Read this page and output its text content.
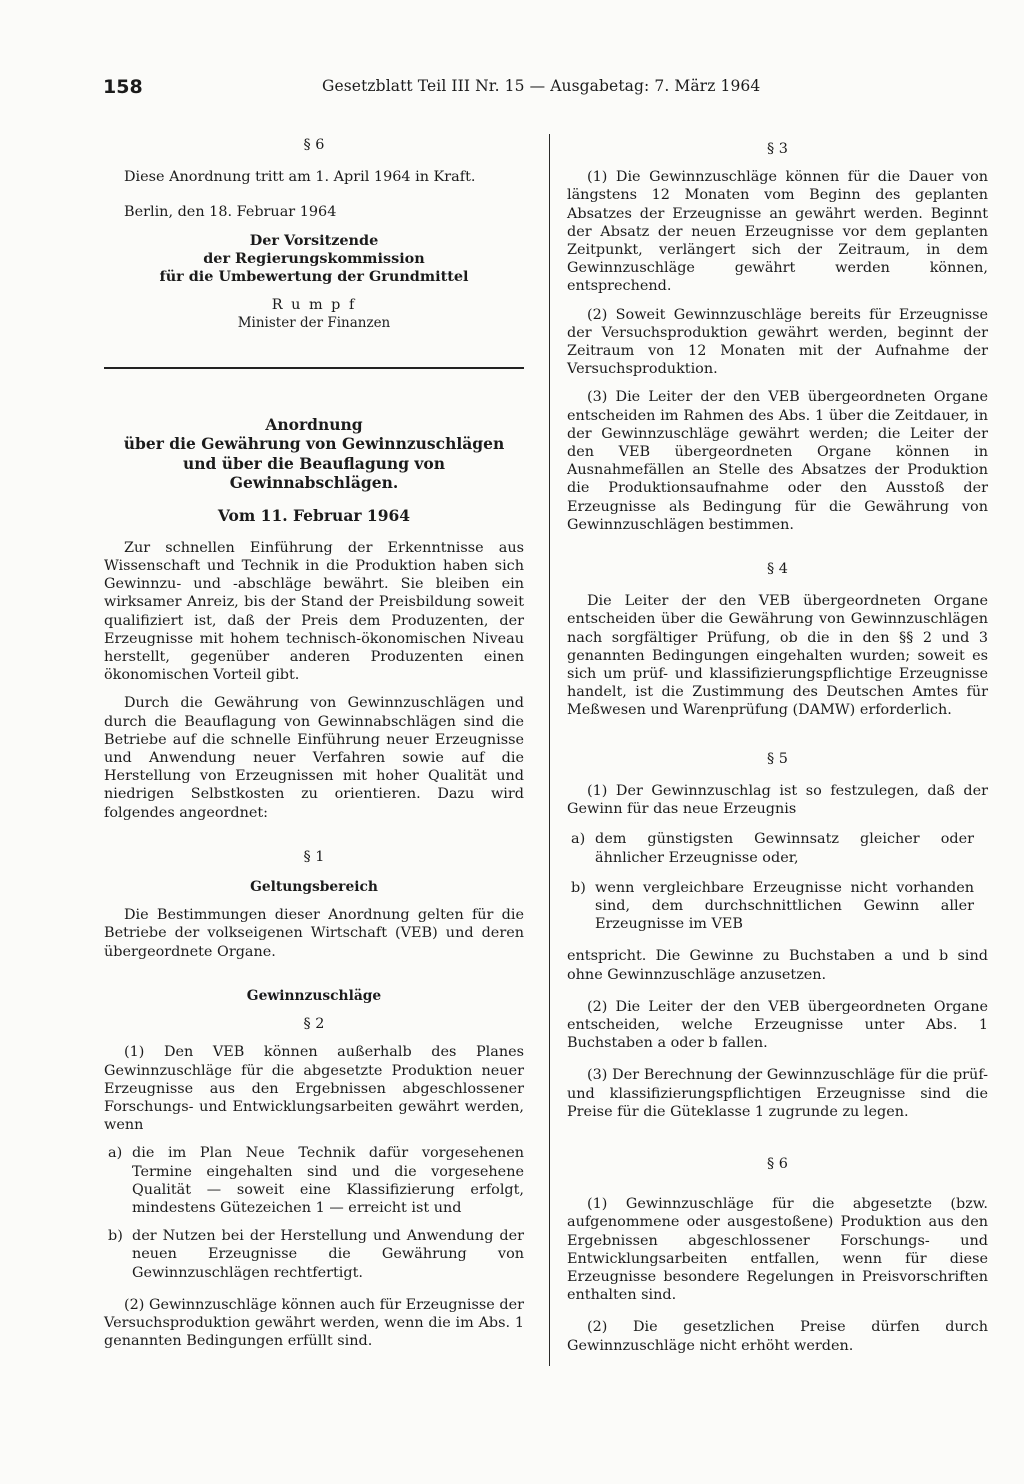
158	Gesetzblatt Teil III Nr. 15 — Ausgabetag: 7. März 1964

§ 6

Diese Anordnung tritt am 1. April 1964 in Kraft.

Berlin, den 18. Februar 1964

Der Vorsitzende

der Regierungskommission

für die Umbewertung der Grundmittel

R u m p f

Minister der Finanzen

Anordnung
über die Gewährung von Gewinnzuschlägen
und über die Beauflagung von Gewinnabschlägen.

Vom 11. Februar 1964

Zur schnellen Einführung der Erkenntnisse aus Wissenschaft und Technik in die Produktion haben sich Gewinnzu- und -abschläge bewährt. Sie bleiben ein wirksamer Anreiz, bis der Stand der Preisbildung soweit qualifiziert ist, daß der Preis dem Produzenten, der Erzeugnisse mit hohem technisch-ökonomischen Niveau herstellt, gegenüber anderen Produzenten einen ökonomischen Vorteil gibt.

Durch die Gewährung von Gewinnzuschlägen und durch die Beauflagung von Gewinnabschlägen sind die Betriebe auf die schnelle Einführung neuer Erzeugnisse und Anwendung neuer Verfahren sowie auf die Herstellung von Erzeugnissen mit hoher Qualität und niedrigen Selbstkosten zu orientieren. Dazu wird folgendes angeordnet:

§ 1

Geltungsbereich

Die Bestimmungen dieser Anordnung gelten für die Betriebe der volkseigenen Wirtschaft (VEB) und deren übergeordnete Organe.

Gewinnzuschläge

§ 2

(1) Den VEB können außerhalb des Planes Gewinnzuschläge für die abgesetzte Produktion neuer Erzeugnisse aus den Ergebnissen abgeschlossener Forschungs- und Entwicklungsarbeiten gewährt werden, wenn

a) die im Plan Neue Technik dafür vorgesehenen Termine eingehalten sind und die vorgesehene Qualität — soweit eine Klassifizierung erfolgt, mindestens Gütezeichen 1 — erreicht ist und
b) der Nutzen bei der Herstellung und Anwendung der neuen Erzeugnisse die Gewährung von Gewinnzuschlägen rechtfertigt.

(2) Gewinnzuschläge können auch für Erzeugnisse der Versuchsproduktion gewährt werden, wenn die im Abs. 1 genannten Bedingungen erfüllt sind.

§ 3

(1) Die Gewinnzuschläge können für die Dauer von längstens 12 Monaten vom Beginn des geplanten Absatzes der Erzeugnisse an gewährt werden. Beginnt der Absatz der neuen Erzeugnisse vor dem geplanten Zeitpunkt, verlängert sich der Zeitraum, in dem Gewinnzuschläge gewährt werden können, entsprechend.

(2) Soweit Gewinnzuschläge bereits für Erzeugnisse der Versuchsproduktion gewährt werden, beginnt der Zeitraum von 12 Monaten mit der Aufnahme der Versuchsproduktion.

(3) Die Leiter der den VEB übergeordneten Organe entscheiden im Rahmen des Abs. 1 über die Zeitdauer, in der Gewinnzuschläge gewährt werden; die Leiter der den VEB übergeordneten Organe können in Ausnahmefällen an Stelle des Absatzes der Produktion die Produktionsaufnahme oder den Ausstoß der Erzeugnisse als Bedingung für die Gewährung von Gewinnzuschlägen bestimmen.

§ 4

Die Leiter der den VEB übergeordneten Organe entscheiden über die Gewährung von Gewinnzuschlägen nach sorgfältiger Prüfung, ob die in den §§ 2 und 3 genannten Bedingungen eingehalten wurden; soweit es sich um prüf- und klassifizierungspflichtige Erzeugnisse handelt, ist die Zustimmung des Deutschen Amtes für Meßwesen und Warenprüfung (DAMW) erforderlich.

§ 5

(1) Der Gewinnzuschlag ist so festzulegen, daß der Gewinn für das neue Erzeugnis

a) dem günstigsten Gewinnsatz gleicher oder ähnlicher Erzeugnisse oder,
b) wenn vergleichbare Erzeugnisse nicht vorhanden sind, dem durchschnittlichen Gewinn aller Erzeugnisse im VEB

entspricht. Die Gewinne zu Buchstaben a und b sind ohne Gewinnzuschläge anzusetzen.

(2) Die Leiter der den VEB übergeordneten Organe entscheiden, welche Erzeugnisse unter Abs. 1 Buchstaben a oder b fallen.

(3) Der Berechnung der Gewinnzuschläge für die prüf- und klassifizierungspflichtigen Erzeugnisse sind die Preise für die Güteklasse 1 zugrunde zu legen.

§ 6

(1) Gewinnzuschläge für die abgesetzte (bzw. aufgenommene oder ausgestoßene) Produktion aus den Ergebnissen abgeschlossener Forschungs- und Entwicklungsarbeiten entfallen, wenn für diese Erzeugnisse besondere Regelungen in Preisvorschriften enthalten sind.

(2) Die gesetzlichen Preise dürfen durch Gewinnzuschläge nicht erhöht werden.
